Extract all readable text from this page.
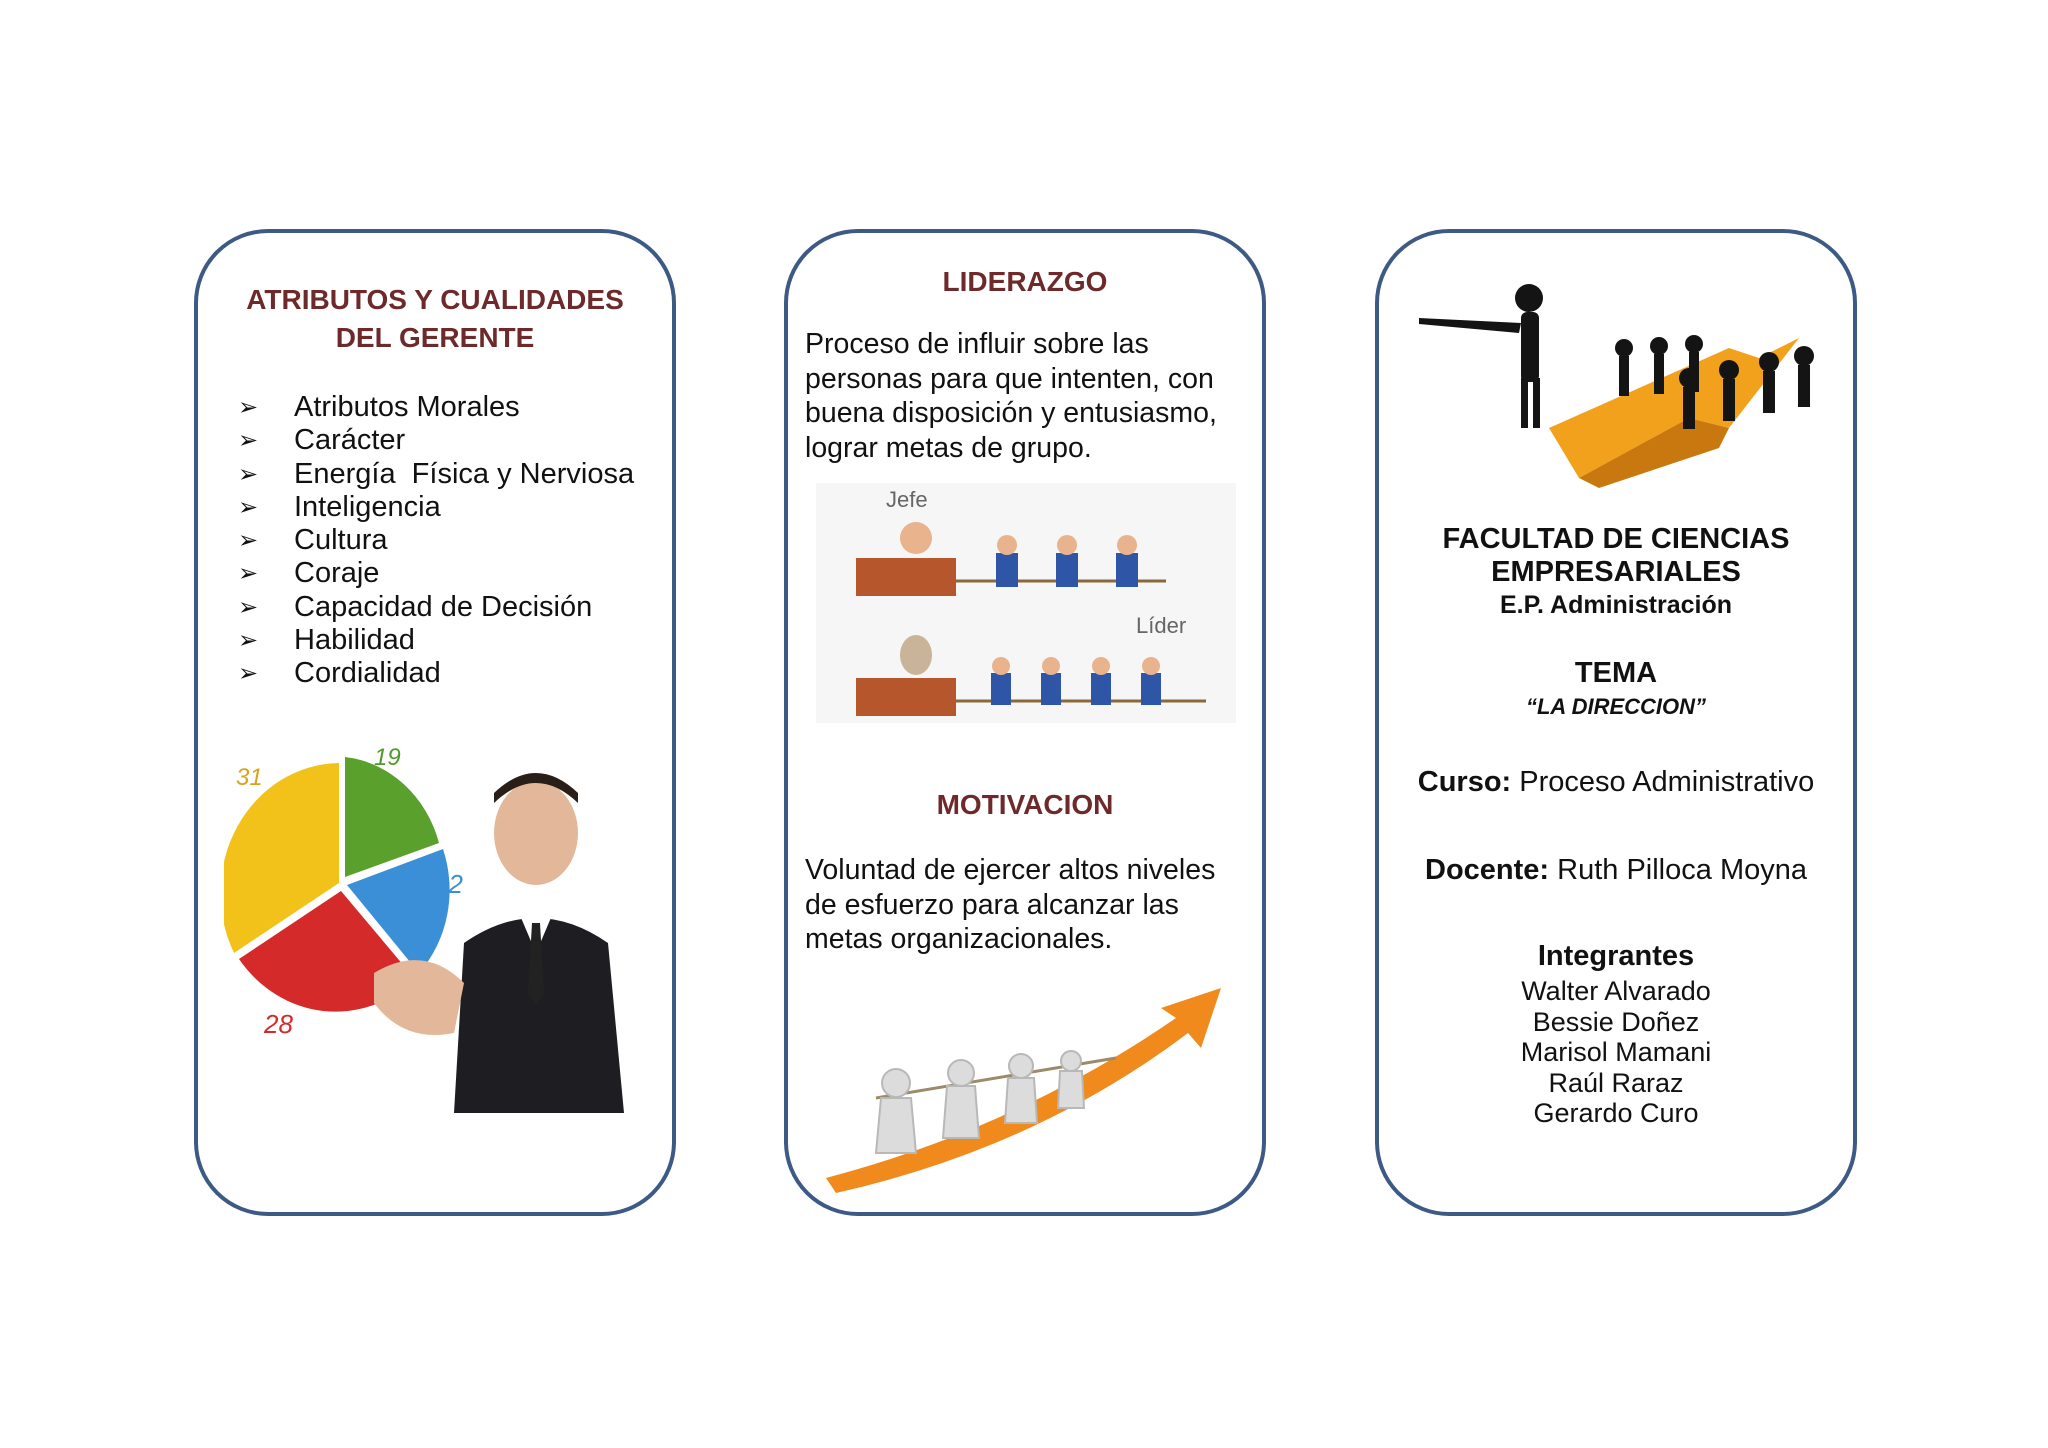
ATRIBUTOS Y CUALIDADES
DEL GERENTE
➢	Atributos Morales
➢	Carácter
➢	Energía  Física y Nerviosa
➢	Inteligencia
➢	Cultura
➢	Coraje
➢	Capacidad de Decisión
➢	Habilidad
➢	Cordialidad
31
19
22
28
LIDERAZGO
Proceso de influir sobre las personas para que intenten, con buena disposición y entusiasmo, lograr metas de grupo.
Jefe
Líder
MOTIVACION
Voluntad de ejercer altos niveles de esfuerzo para alcanzar las metas organizacionales.
FACULTAD DE CIENCIAS
EMPRESARIALES
E.P. Administración
TEMA
“LA DIRECCION”
Curso: Proceso Administrativo
Docente: Ruth Pilloca Moyna
Integrantes
Walter Alvarado
Bessie Doñez
Marisol Mamani
Raúl Raraz
Gerardo Curo
